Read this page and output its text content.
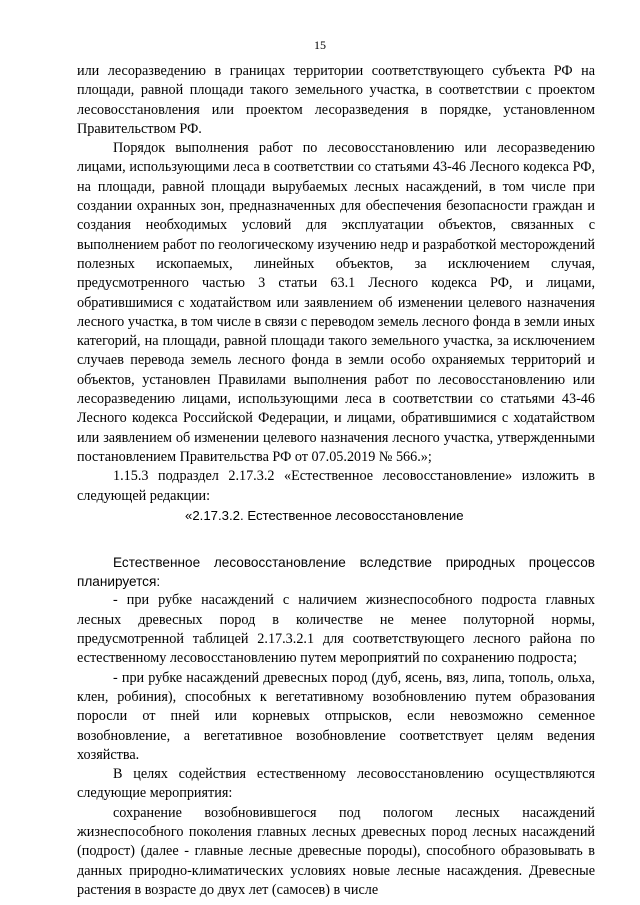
15

или лесоразведению в границах территории соответствующего субъекта РФ на площади, равной площади такого земельного участка, в соответствии с проектом лесовосстановления или проектом лесоразведения в порядке, установленном Правительством РФ.

Порядок выполнения работ по лесовосстановлению или лесоразведению лицами, использующими леса в соответствии со статьями 43-46 Лесного кодекса РФ, на площади, равной площади вырубаемых лесных насаждений, в том числе при создании охранных зон, предназначенных для обеспечения безопасности граждан и создания необходимых условий для эксплуатации объектов, связанных с выполнением работ по геологическому изучению недр и разработкой месторождений полезных ископаемых, линейных объектов, за исключением случая, предусмотренного частью 3 статьи 63.1 Лесного кодекса РФ, и лицами, обратившимися с ходатайством или заявлением об изменении целевого назначения лесного участка, в том числе в связи с переводом земель лесного фонда в земли иных категорий, на площади, равной площади такого земельного участка, за исключением случаев перевода земель лесного фонда в земли особо охраняемых территорий и объектов, установлен Правилами выполнения работ по лесовосстановлению или лесоразведению лицами, использующими леса в соответствии со статьями 43-46 Лесного кодекса Российской Федерации, и лицами, обратившимися с ходатайством или заявлением об изменении целевого назначения лесного участка, утвержденными постановлением Правительства РФ от 07.05.2019 № 566.»;

1.15.3 подраздел 2.17.3.2 «Естественное лесовосстановление» изложить в следующей редакции:

«2.17.3.2. Естественное лесовосстановление

Естественное лесовосстановление вследствие природных процессов планируется:

- при рубке насаждений с наличием жизнеспособного подроста главных лесных древесных пород в количестве не менее полуторной нормы, предусмотренной таблицей 2.17.3.2.1 для соответствующего лесного района по естественному лесовосстановлению путем мероприятий по сохранению подроста;

- при рубке насаждений древесных пород (дуб, ясень, вяз, липа, тополь, ольха, клен, робиния), способных к вегетативному возобновлению путем образования поросли от пней или корневых отпрысков, если невозможно семенное возобновление, а вегетативное возобновление соответствует целям ведения хозяйства.

В целях содействия естественному лесовосстановлению осуществляются следующие мероприятия:

сохранение возобновившегося под пологом лесных насаждений жизнеспособного поколения главных лесных древесных пород лесных насаждений (подрост) (далее - главные лесные древесные породы), способного образовывать в данных природно-климатических условиях новые лесные насаждения. Древесные растения в возрасте до двух лет (самосев) в числе
